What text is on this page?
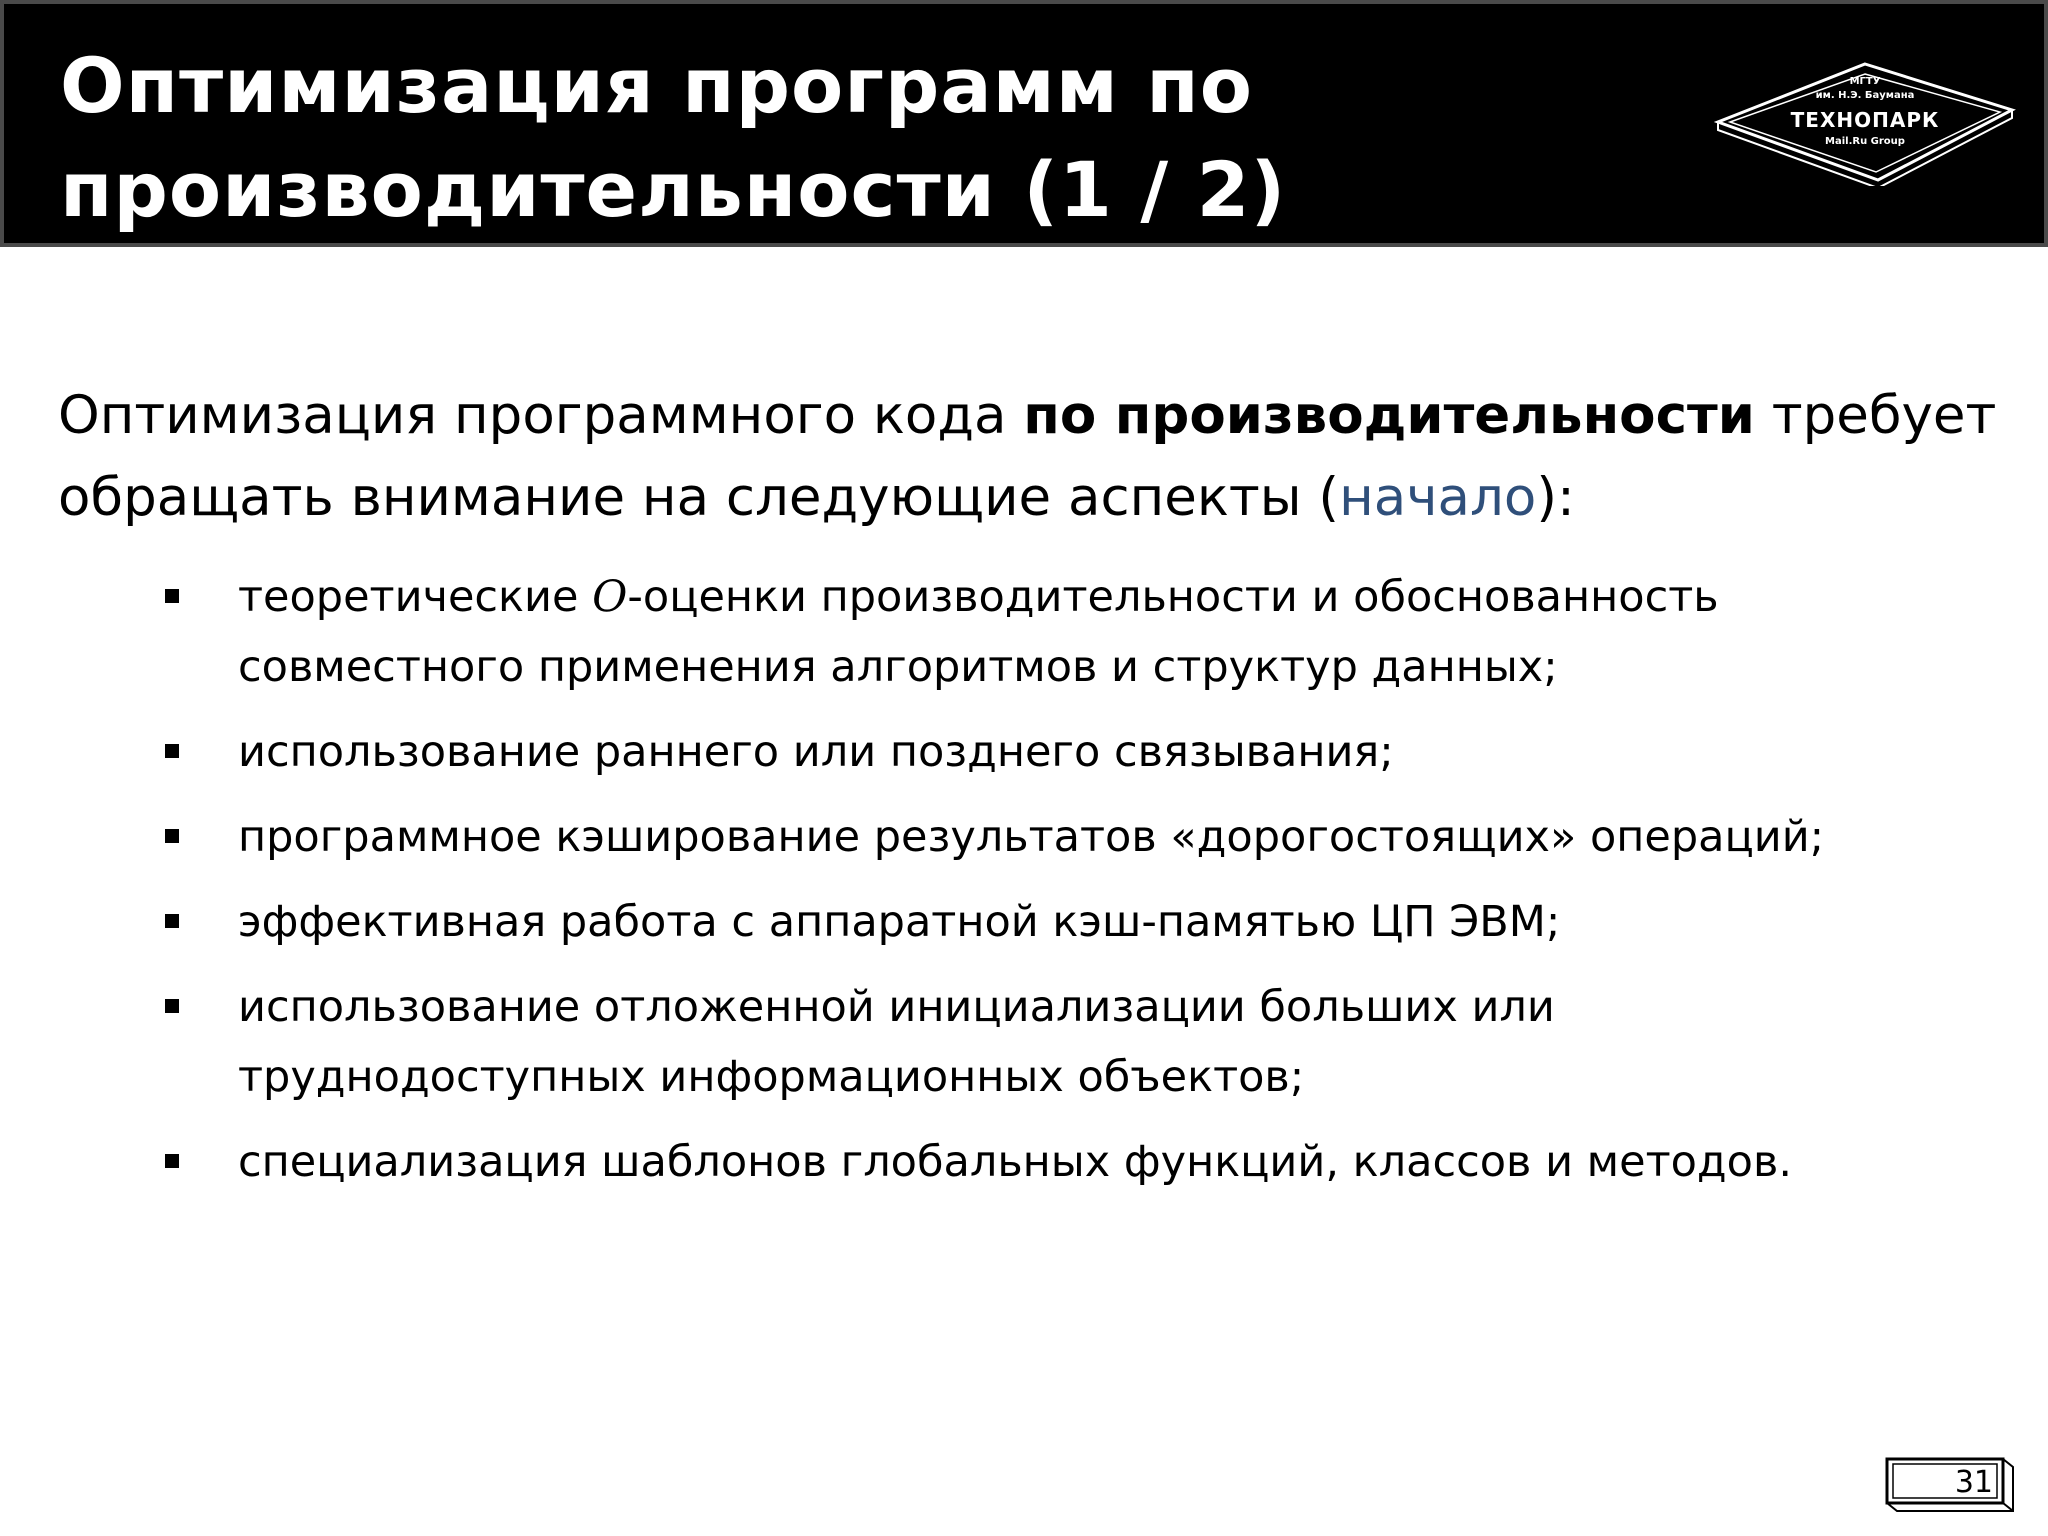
Оптимизация программ по
производительности (1 / 2)
МГТУ
им. Н.Э. Баумана
ТЕХНОПАРК
Mail.Ru Group

Оптимизация программного кода по производительности требует обращать внимание на следующие аспекты (начало):

теоретические O-оценки производительности и обоснованность совместного применения алгоритмов и структур данных;
использование раннего или позднего связывания;
программное кэширование результатов «дорогостоящих» операций;
эффективная работа с аппаратной кэш-памятью ЦП ЭВМ;
использование отложенной инициализации больших или труднодоступных информационных объектов;
специализация шаблонов глобальных функций, классов и методов.
31
